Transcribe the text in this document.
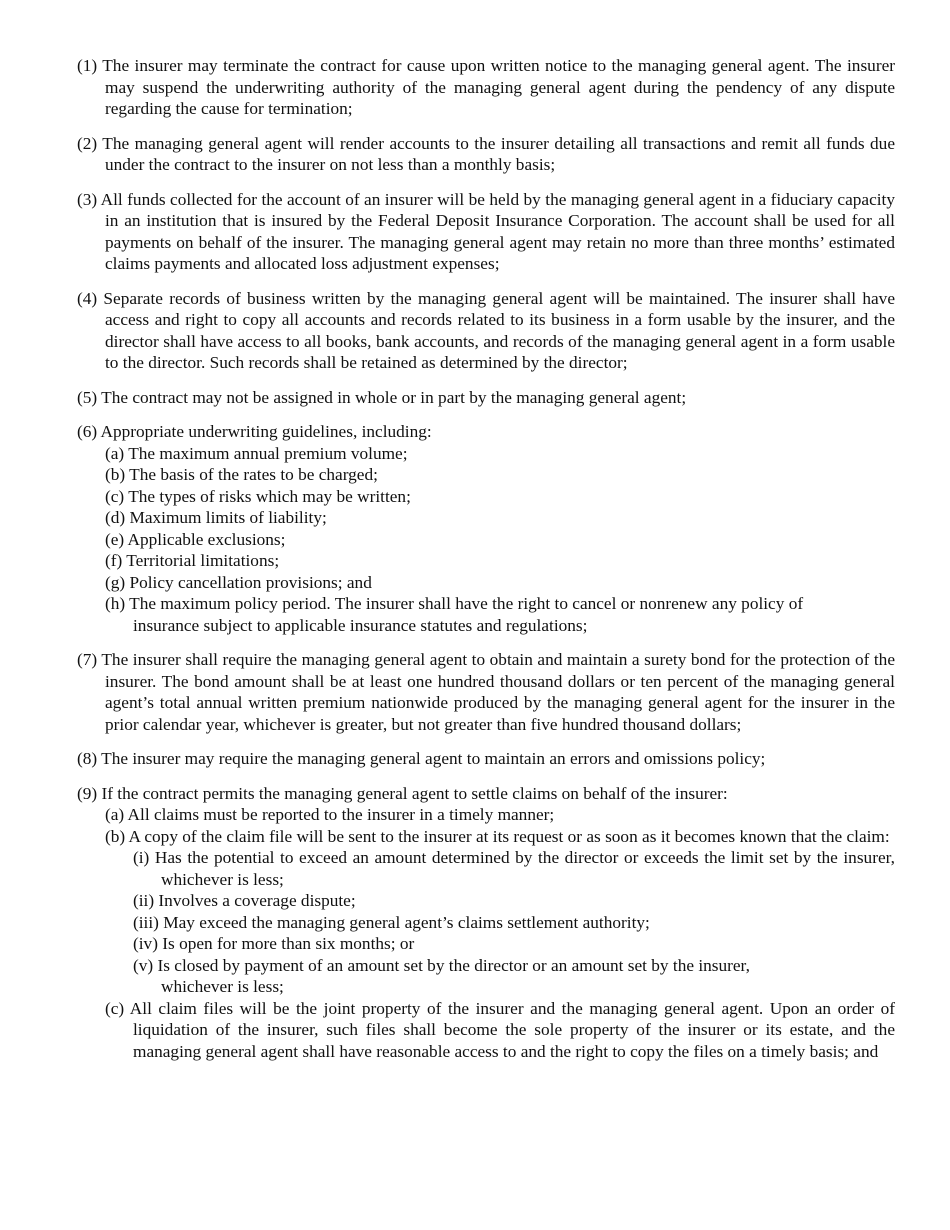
(1) The insurer may terminate the contract for cause upon written notice to the managing general agent. The insurer may suspend the underwriting authority of the managing general agent during the pendency of any dispute regarding the cause for termination;
(2) The managing general agent will render accounts to the insurer detailing all transactions and remit all funds due under the contract to the insurer on not less than a monthly basis;
(3) All funds collected for the account of an insurer will be held by the managing general agent in a fiduciary capacity in an institution that is insured by the Federal Deposit Insurance Corporation. The account shall be used for all payments on behalf of the insurer. The managing general agent may retain no more than three months’ estimated claims payments and allocated loss adjustment expenses;
(4) Separate records of business written by the managing general agent will be maintained. The insurer shall have access and right to copy all accounts and records related to its business in a form usable by the insurer, and the director shall have access to all books, bank accounts, and records of the managing general agent in a form usable to the director. Such records shall be retained as determined by the director;
(5) The contract may not be assigned in whole or in part by the managing general agent;
(6) Appropriate underwriting guidelines, including:
(a) The maximum annual premium volume;
(b) The basis of the rates to be charged;
(c) The types of risks which may be written;
(d) Maximum limits of liability;
(e) Applicable exclusions;
(f) Territorial limitations;
(g) Policy cancellation provisions; and
(h) The maximum policy period. The insurer shall have the right to cancel or nonrenew any policy of insurance subject to applicable insurance statutes and regulations;
(7) The insurer shall require the managing general agent to obtain and maintain a surety bond for the protection of the insurer. The bond amount shall be at least one hundred thousand dollars or ten percent of the managing general agent’s total annual written premium nationwide produced by the managing general agent for the insurer in the prior calendar year, whichever is greater, but not greater than five hundred thousand dollars;
(8) The insurer may require the managing general agent to maintain an errors and omissions policy;
(9) If the contract permits the managing general agent to settle claims on behalf of the insurer:
(a) All claims must be reported to the insurer in a timely manner;
(b) A copy of the claim file will be sent to the insurer at its request or as soon as it becomes known that the claim:
(i) Has the potential to exceed an amount determined by the director or exceeds the limit set by the insurer, whichever is less;
(ii) Involves a coverage dispute;
(iii) May exceed the managing general agent’s claims settlement authority;
(iv) Is open for more than six months; or
(v) Is closed by payment of an amount set by the director or an amount set by the insurer, whichever is less;
(c) All claim files will be the joint property of the insurer and the managing general agent. Upon an order of liquidation of the insurer, such files shall become the sole property of the insurer or its estate, and the managing general agent shall have reasonable access to and the right to copy the files on a timely basis; and
